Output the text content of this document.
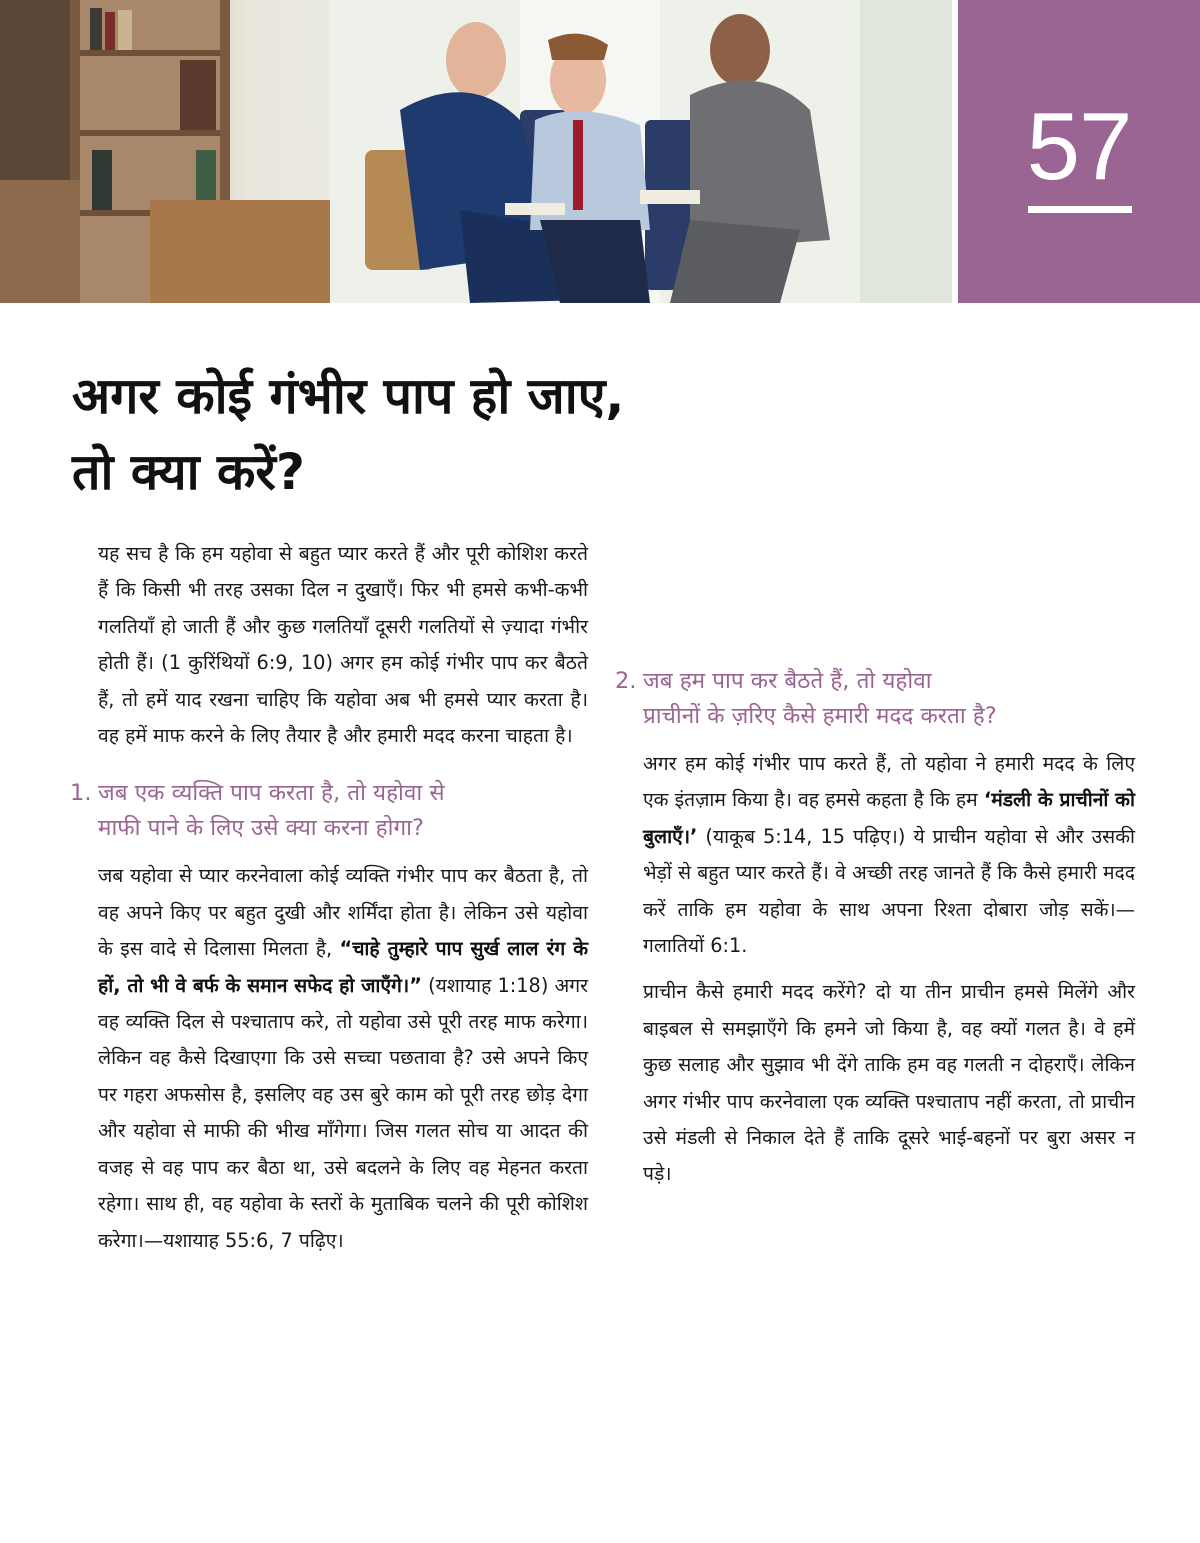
57
अगर कोई गंभीर पाप हो जाए,
तो क्या करें?

यह सच है कि हम यहोवा से बहुत प्यार करते हैं और पूरी कोशिश करते हैं कि किसी भी तरह उसका दिल न दुखाएँ। फिर भी हमसे कभी-कभी गलतियाँ हो जाती हैं और कुछ गलतियाँ दूसरी गलतियों से ज़्यादा गंभीर होती हैं। (1 कुरिंथियों 6:9, 10) अगर हम कोई गंभीर पाप कर बैठते हैं, तो हमें याद रखना चाहिए कि यहोवा अब भी हमसे प्यार करता है। वह हमें माफ करने के लिए तैयार है और हमारी मदद करना चाहता है।

1. जब एक व्यक्ति पाप करता है, तो यहोवा से
माफी पाने के लिए उसे क्या करना होगा?

जब यहोवा से प्यार करनेवाला कोई व्यक्ति गंभीर पाप कर बैठता है, तो वह अपने किए पर बहुत दुखी और शर्मिंदा होता है। लेकिन उसे यहोवा के इस वादे से दिलासा मिलता है, “चाहे तुम्हारे पाप सुर्ख लाल रंग के हों, तो भी वे बर्फ के समान सफेद हो जाएँगे।” (यशायाह 1:18) अगर वह व्यक्ति दिल से पश्‍चाताप करे, तो यहोवा उसे पूरी तरह माफ करेगा। लेकिन वह कैसे दिखाएगा कि उसे सच्चा पछतावा है? उसे अपने किए पर गहरा अफसोस है, इसलिए वह उस बुरे काम को पूरी तरह छोड़ देगा और यहोवा से माफी की भीख माँगेगा। जिस गलत सोच या आदत की वजह से वह पाप कर बैठा था, उसे बदलने के लिए वह मेहनत करता रहेगा। साथ ही, वह यहोवा के स्तरों के मुताबिक चलने की पूरी कोशिश करेगा।—यशायाह 55:6, 7 पढ़िए।

2. जब हम पाप कर बैठते हैं, तो यहोवा
प्राचीनों के ज़रिए कैसे हमारी मदद करता है?

अगर हम कोई गंभीर पाप करते हैं, तो यहोवा ने हमारी मदद के लिए एक इंतज़ाम किया है। वह हमसे कहता है कि हम ‘मंडली के प्राचीनों को बुलाएँ।’ (याकूब 5:14, 15 पढ़िए।) ये प्राचीन यहोवा से और उसकी भेड़ों से बहुत प्यार करते हैं। वे अच्छी तरह जानते हैं कि कैसे हमारी मदद करें ताकि हम यहोवा के साथ अपना रिश्‍ता दोबारा जोड़ सकें।—गलातियों 6:1.

प्राचीन कैसे हमारी मदद करेंगे? दो या तीन प्राचीन हमसे मिलेंगे और बाइबल से समझाएँगे कि हमने जो किया है, वह क्यों गलत है। वे हमें कुछ सलाह और सुझाव भी देंगे ताकि हम वह गलती न दोहराएँ। लेकिन अगर गंभीर पाप करनेवाला एक व्यक्ति पश्‍चाताप नहीं करता, तो प्राचीन उसे मंडली से निकाल देते हैं ताकि दूसरे भाई-बहनों पर बुरा असर न पड़े।
